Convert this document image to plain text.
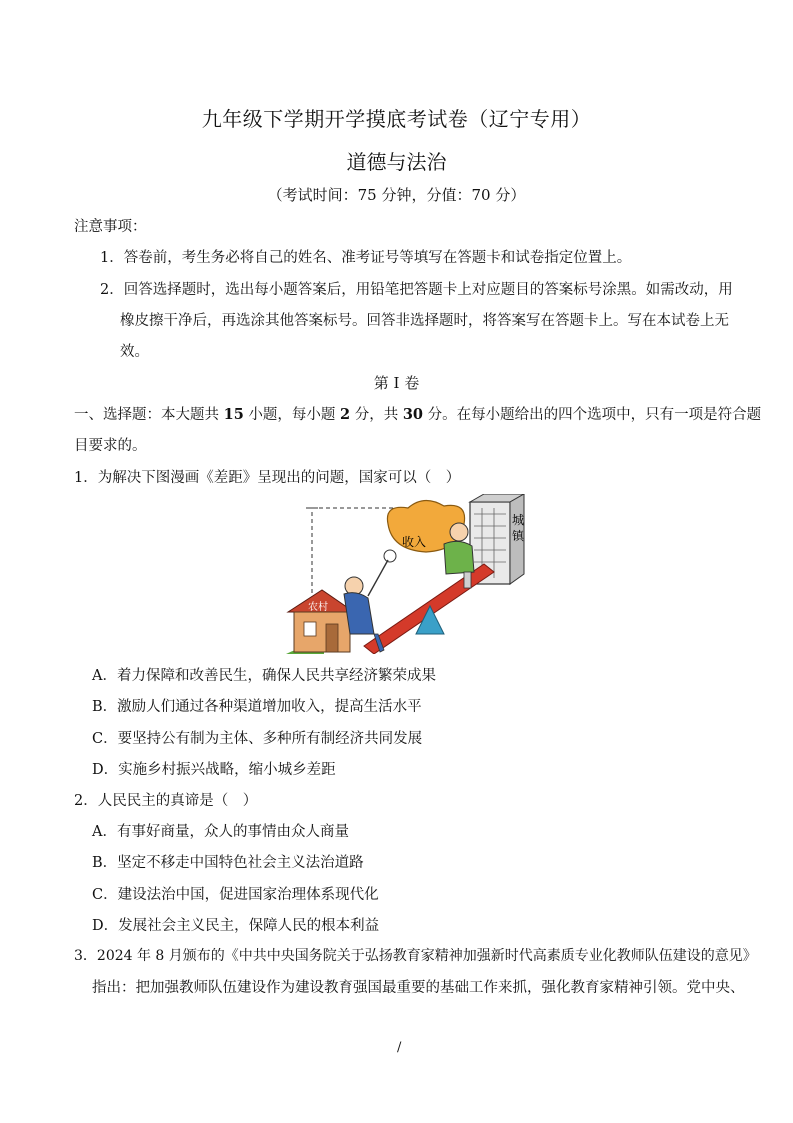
九年级下学期开学摸底考试卷（辽宁专用）
道德与法治
（考试时间：75 分钟，分值：70 分）
注意事项：
1．答卷前，考生务必将自己的姓名、准考证号等填写在答题卡和试卷指定位置上。
2．回答选择题时，选出每小题答案后，用铅笔把答题卡上对应题目的答案标号涂黑。如需改动，用
橡皮擦干净后，再选涂其他答案标号。回答非选择题时，将答案写在答题卡上。写在本试卷上无
效。
第 I 卷
一、选择题：本大题共 15 小题，每小题 2 分，共 30 分。在每小题给出的四个选项中，只有一项是符合题
目要求的。
1．为解决下图漫画《差距》呈现出的问题，国家可以（　）
城
镇
收入
农村
A．着力保障和改善民生，确保人民共享经济繁荣成果
B．激励人们通过各种渠道增加收入，提高生活水平
C．要坚持公有制为主体、多种所有制经济共同发展
D．实施乡村振兴战略，缩小城乡差距
2．人民民主的真谛是（　）
A．有事好商量，众人的事情由众人商量
B．坚定不移走中国特色社会主义法治道路
C．建设法治中国，促进国家治理体系现代化
D．发展社会主义民主，保障人民的根本利益
3．2024 年 8 月颁布的《中共中央国务院关于弘扬教育家精神加强新时代高素质专业化教师队伍建设的意见》
指出：把加强教师队伍建设作为建设教育强国最重要的基础工作来抓，强化教育家精神引领。党中央、
/
